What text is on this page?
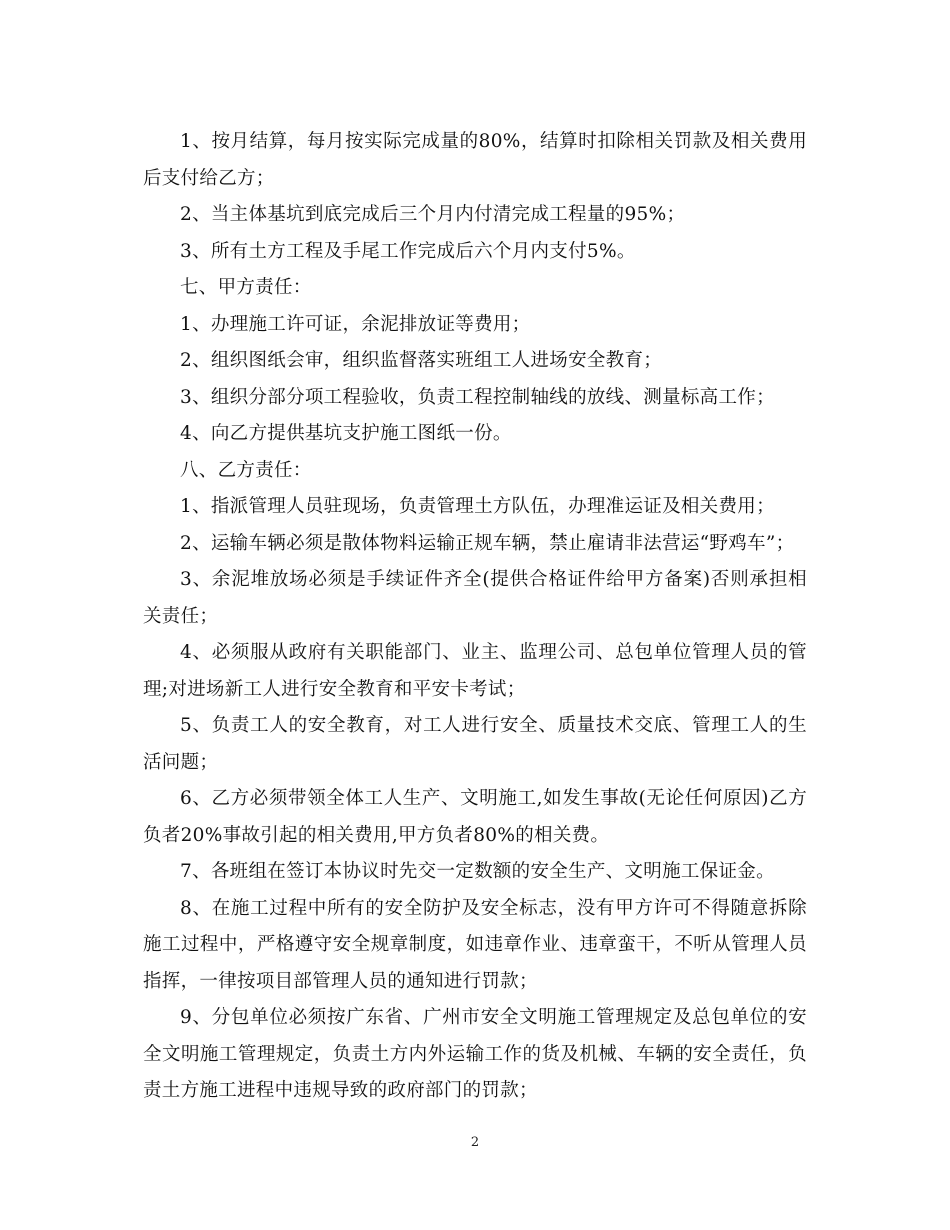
1、按月结算，每月按实际完成量的80%，结算时扣除相关罚款及相关费用后支付给乙方；

2、当主体基坑到底完成后三个月内付清完成工程量的95%；

3、所有土方工程及手尾工作完成后六个月内支付5%。

七、甲方责任：

1、办理施工许可证，余泥排放证等费用；

2、组织图纸会审，组织监督落实班组工人进场安全教育；

3、组织分部分项工程验收，负责工程控制轴线的放线、测量标高工作；

4、向乙方提供基坑支护施工图纸一份。

八、乙方责任：

1、指派管理人员驻现场，负责管理土方队伍，办理准运证及相关费用；

2、运输车辆必须是散体物料运输正规车辆，禁止雇请非法营运“野鸡车”；

3、余泥堆放场必须是手续证件齐全(提供合格证件给甲方备案)否则承担相关责任；

4、必须服从政府有关职能部门、业主、监理公司、总包单位管理人员的管理;对进场新工人进行安全教育和平安卡考试；

5、负责工人的安全教育，对工人进行安全、质量技术交底、管理工人的生活问题；

6、乙方必须带领全体工人生产、文明施工,如发生事故(无论任何原因)乙方负者20%事故引起的相关费用,甲方负者80%的相关费。

7、各班组在签订本协议时先交一定数额的安全生产、文明施工保证金。

8、在施工过程中所有的安全防护及安全标志，没有甲方许可不得随意拆除施工过程中，严格遵守安全规章制度，如违章作业、违章蛮干，不听从管理人员指挥，一律按项目部管理人员的通知进行罚款；

9、分包单位必须按广东省、广州市安全文明施工管理规定及总包单位的安全文明施工管理规定，负责土方内外运输工作的货及机械、车辆的安全责任，负责土方施工进程中违规导致的政府部门的罚款；

2
